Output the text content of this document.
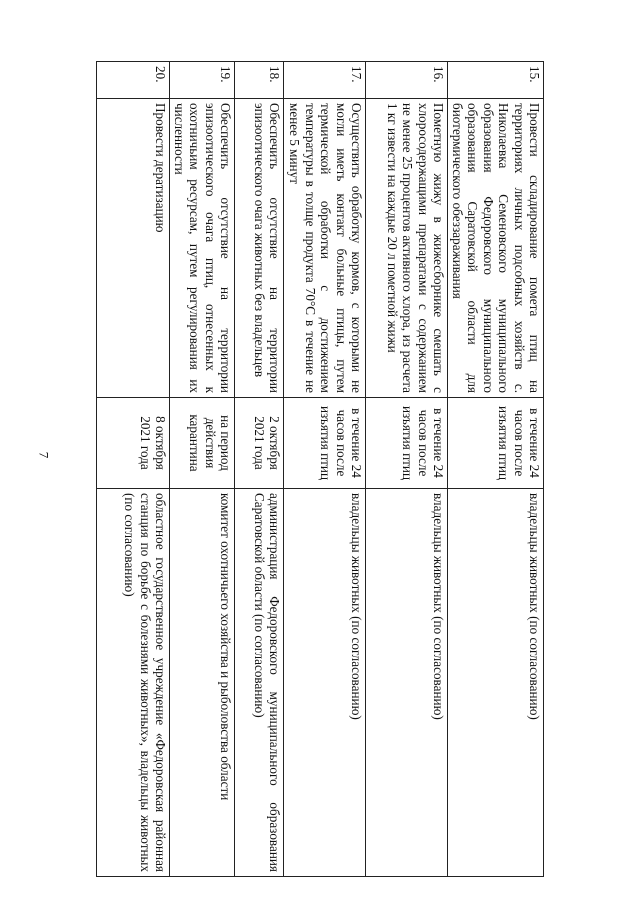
7
15.	Провести складирование помета птиц на территориях личных подсобных хозяйств с. Николаевка Семеновского муниципального образования Федоровского муниципального образования Саратовской области для биотермического обеззараживания	в течение 24 часов после изъятия птиц	владельцы животных (по согласованию)
16.	Пометную жижу в жижесборнике смешать с хлоросодержащими препаратами с содержанием не менее 25 процентов активного хлора, из расчета 1 кг извести на каждые 20 л пометной жижи	в течение 24 часов после изъятия птиц	владельцы животных (по согласованию)
17.	Осуществить обработку кормов, с которыми не могли иметь контакт больные птицы, путем термической обработки с достижением температуры в толще продукта 70°С в течение не менее 5 минут	в течение 24 часов после изъятия птиц	владельцы животных (по согласованию)
18.	Обеспечить отсутствие на территории эпизоотического очага животных без владельцев	2 октября 2021 года	администрация Федоровского муниципального образования Саратовской области (по согласованию)
19.	Обеспечить отсутствие на территории эпизоотического очага птиц, отнесенных к охотничьим ресурсам, путем регулирования их численности	на период действия карантина	комитет охотничьего хозяйства и рыболовства области
20.	Провести дератизацию	8 октября 2021 года	областное государственное учреждение «Федоровская районная станция по борьбе с болезнями животных», владельцы животных (по согласованию)
